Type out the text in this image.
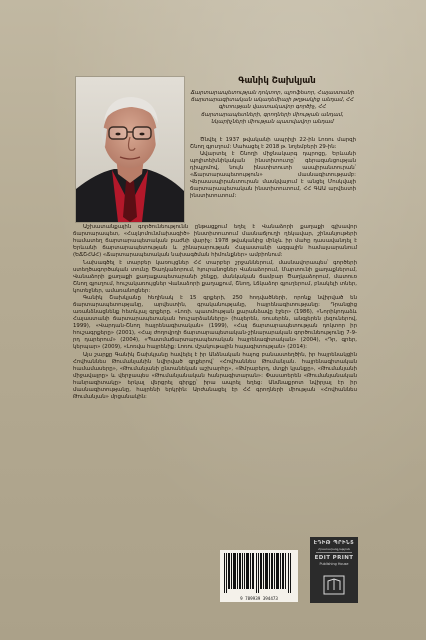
Գանիկ Շախկյան
Ճարտարապետության դոկտոր, պրոֆեսոր, Հայաստանի ճարտարագիտական ակադեմիայի թղթակից անդամ, ՀՀ գիտության վաստակավոր գործիչ, ՀՀ ճարտարապետների, գրողների միության անդամ, նկարիչների միության պատվավոր անդամ

Ծնվել է 1937 թվականի ապրիլի 22-ին Լոռու մարզի Շնող գյուղում: Մահացել է 2018 թ. նոյեմբերի 29-ին:

Ավարտել է Շնողի միջնակարգ դպրոցը, Երևանի պոլիտեխնիկական ինստիտուտը՝ գերազանցության դիպլոմով, նույն ինստիտուտի ասպիրանտուրան՝ «Ճարտարապետություն» մասնագիտությամբ: Վերաասպիրանտուրան մասկվայում է անցել Մոսկվայի ճարտարապետական ինստիտուտում, ՀՀ ԳԱԱ արվեստի ինստիտուտում:

Աշխատանքային գործունեությունն ընթացքում եղել է Վանաձորի քաղաքի գլխավոր ճարտարապետ, «Հայկոմունմախագիծ» ինստիտուտում մասնաճյուղի ղեկավար, շինանյութերի համատեղ ճարտարապետական բաժնի վարիչ: 1978 թվականից մինչև իր մահը դասավանդել է Երևանի ճարտարապետության և շինարարության Հայաստանի ազգային համալսարանում (ԵՃՇՀԱՀ) «Ճարտարապետական նախագծման հիմունքներ» ամբիոնում:

Նախագծել է տարբեր կառույցներ ՀՀ տարբեր շրջաններում, մասնավորապես՝ գործերի ստեղծագործական տունը Ծաղկաձորում, հյուրանոցներ Վանաձորում, Մարտունի քաղաքներում, Վանաձորի քաղաքի քաղաքապետարանի շենքը, մանկական ճամբար Ծաղկաձորում, մատուռ Շնող գյուղում, հուշակառույցներ Վանաձորի քաղաքում, Շնող, Լճկաձոր գյուղերում, բնակելի տներ, կոտեջներ, ամառանոցներ:

Գանիկ Շախկյանը հեղինակ է 15 գրքերի, 250 հոդվածների, որոնք նվիրված են ճարտարապետությանը, արվեստին, գրականությանը, հայրենագիտությանը: Դրանցից առանձնացնենք հետևյալ գրքերը. «Լոռի. պատմության քարանձավը էջեր» (1986), «Նորիկոդաձև Հայաստանի ճարտարապետական հուշարձանները» (հայերեն, ռուսերեն, անգլերեն լեզուներով, 1999), «Վարդան-Շնող հայրենագիտական» (1999), «Հայ ճարտարապետության դոկտոր իր հուշագրքերը» (2001), «Հայ ժողովրդի ճարտարապետական-շինարարական գործունեությունը 7-9-րդ դարերում» (2004), «Պատմաճարտարապետական հայրենագիտական» (2004), «Դր, գրեր, կերպար» (2009), «Լոռվա հայրենիք: Լոռու մշակութային հայագիտության» (2014):

Այս շարքը Գանիկ Շախկյանը հավելել է իր Անձնական հայոց բանաստեղծին, իր հայրենակցին Հովհաննես Թումանյանին նվիրված գրքերով՝ «Հովհաննես Թումանյան. հայրենագիտական համամասերը», «Թումանյանի ընտանեկան աշխարհը», «Թմրաբերդ, մտքի կյանքը», «Թումանյանի միջավայրը» և վերջապես «Թումանյանական հանրագիտարան»: Փասաոերեն «Թումանյանական հանրագիտակը» երկալ վերցրել գիրքը՝ իրա ապրել եղեց: Անմնաքրոտ նվիրյալ էր իր մասնագիտությանը, հայրենի երկրին: Արժանացել էր ՀՀ գրողների միության «Հովհաննես Թումանյան» մրցանակին:

9 789939 394473
ԷԴԻԹ ՊՐԻՆՏ
Հրատարակչություն
EDIT PRINT
Publishing House
